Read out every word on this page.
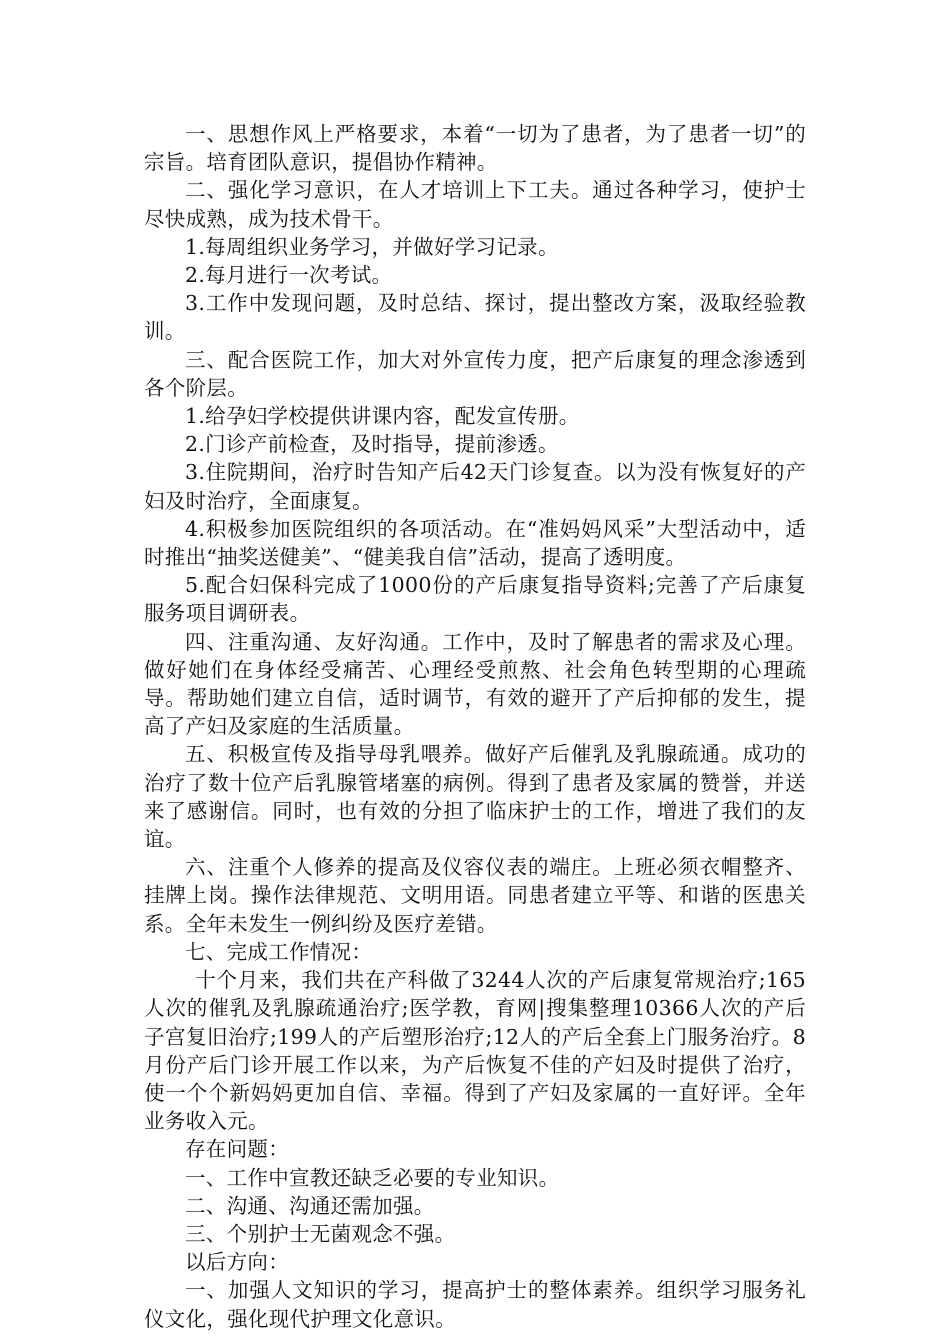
一、思想作风上严格要求，本着“一切为了患者，为了患者一切”的宗旨。培育团队意识，提倡协作精神。

二、强化学习意识，在人才培训上下工夫。通过各种学习，使护士尽快成熟，成为技术骨干。

1.每周组织业务学习，并做好学习记录。

2.每月进行一次考试。

3.工作中发现问题，及时总结、探讨，提出整改方案，汲取经验教训。

三、配合医院工作，加大对外宣传力度，把产后康复的理念渗透到各个阶层。

1.给孕妇学校提供讲课内容，配发宣传册。

2.门诊产前检查，及时指导，提前渗透。

3.住院期间，治疗时告知产后42天门诊复查。以为没有恢复好的产妇及时治疗，全面康复。

4.积极参加医院组织的各项活动。在“准妈妈风采”大型活动中，适时推出“抽奖送健美”、“健美我自信”活动，提高了透明度。

5.配合妇保科完成了1000份的产后康复指导资料;完善了产后康复服务项目调研表。

四、注重沟通、友好沟通。工作中，及时了解患者的需求及心理。做好她们在身体经受痛苦、心理经受煎熬、社会角色转型期的心理疏导。帮助她们建立自信，适时调节，有效的避开了产后抑郁的发生，提高了产妇及家庭的生活质量。

五、积极宣传及指导母乳喂养。做好产后催乳及乳腺疏通。成功的治疗了数十位产后乳腺管堵塞的病例。得到了患者及家属的赞誉，并送来了感谢信。同时，也有效的分担了临床护士的工作，增进了我们的友谊。

六、注重个人修养的提高及仪容仪表的端庄。上班必须衣帽整齐、挂牌上岗。操作法律规范、文明用语。同患者建立平等、和谐的医患关系。全年未发生一例纠纷及医疗差错。

七、完成工作情况：

十个月来，我们共在产科做了3244人次的产后康复常规治疗;165人次的催乳及乳腺疏通治疗;医学教，育网|搜集整理10366人次的产后子宫复旧治疗;199人的产后塑形治疗;12人的产后全套上门服务治疗。8月份产后门诊开展工作以来，为产后恢复不佳的产妇及时提供了治疗，使一个个新妈妈更加自信、幸福。得到了产妇及家属的一直好评。全年业务收入元。

存在问题：

一、工作中宣教还缺乏必要的专业知识。

二、沟通、沟通还需加强。

三、个别护士无菌观念不强。

以后方向：

一、加强人文知识的学习，提高护士的整体素养。组织学习服务礼仪文化，强化现代护理文化意识。
